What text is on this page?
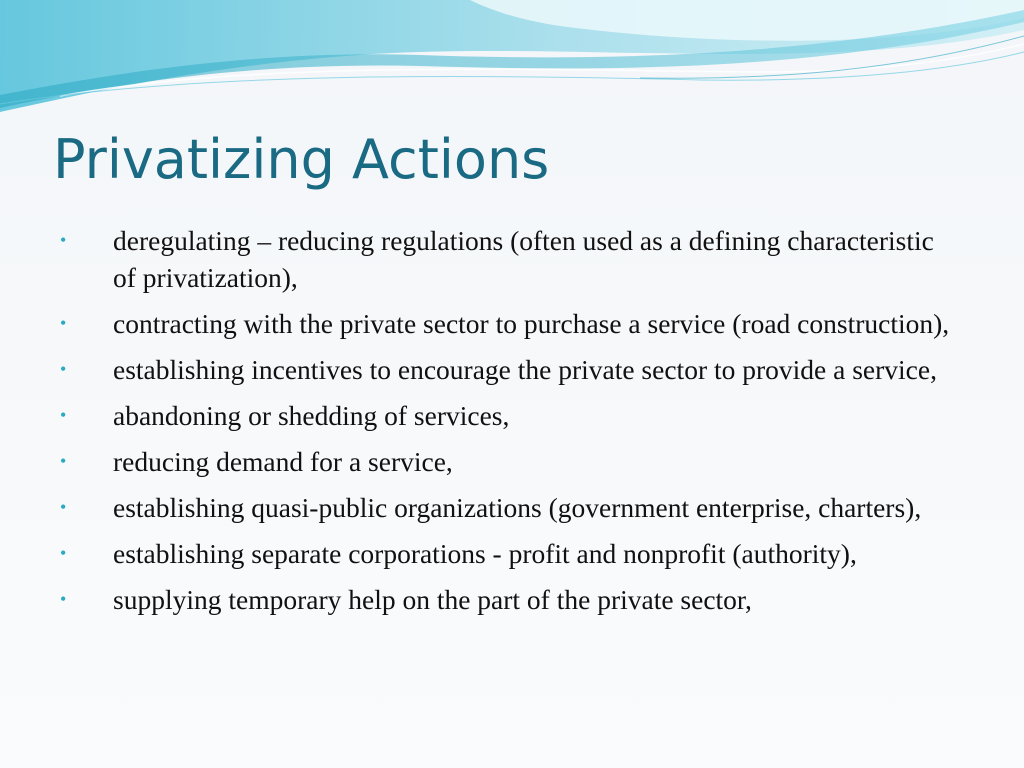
Privatizing Actions
• deregulating – reducing regulations (often used as a defining characteristic of privatization),
• contracting with the private sector to purchase a service (road construction),
• establishing incentives to encourage the private sector to provide a service,
• abandoning or shedding of services,
• reducing demand for a service,
• establishing quasi-public organizations (government enterprise, charters),
• establishing separate corporations - profit and nonprofit (authority),
• supplying temporary help on the part of the private sector,
